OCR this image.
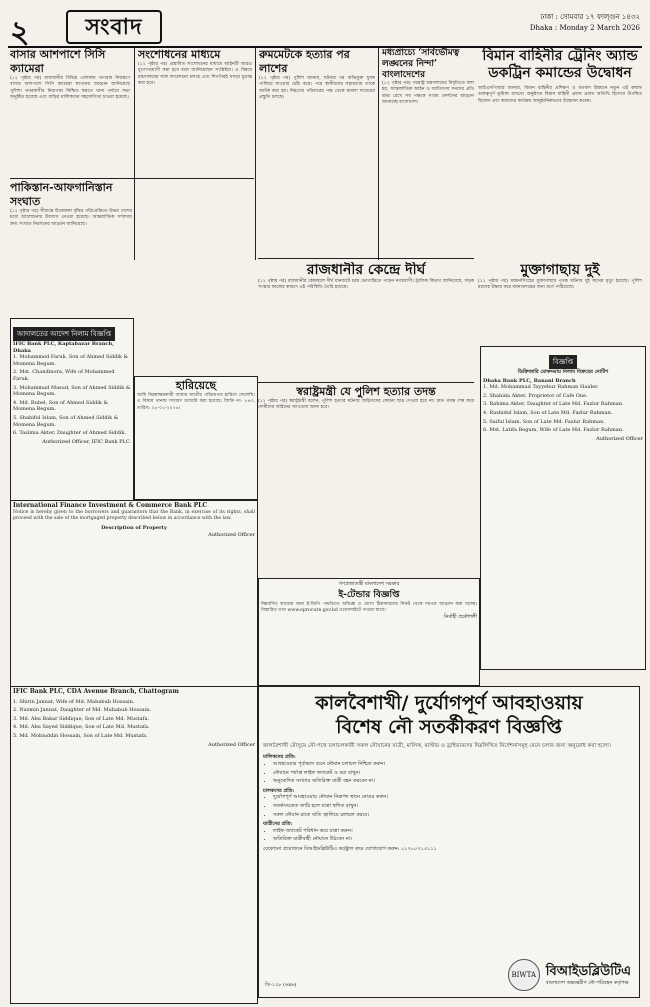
২	সংবাদ	ঢাকা : সোমবার ১৭ ফাল্গুন ১৪৩২
Dhaka : Monday 2 March 2026
বাসার আশপাশে সিসি ক্যামেরা
(১২ পৃষ্ঠার পর) রাজধানীর বিভিন্ন এলাকায় অপরাধ নিয়ন্ত্রণে বাসার আশপাশে সিসি ক্যামেরা স্থাপনের আহ্বান জানিয়েছে পুলিশ। নগরবাসীর নিরাপত্তা নিশ্চিত করতে থানা পর্যায়ে সভা অনুষ্ঠিত হয়েছে এবং বাড়ির মালিকদের সহযোগিতা চাওয়া হয়েছে।
সংশোধনের মাধ্যমে
(১২ পৃষ্ঠার পর) প্রস্তাবিত সংশোধনের মাধ্যমে আইনটি আরও যুগোপযোগী করা হবে বলে জানিয়েছেন সংশ্লিষ্টরা। এ বিষয়ে মন্ত্রণালয়ের সঙ্গে আলোচনা চলছে এবং শিগগিরই খসড়া চূড়ান্ত করা হবে।
রুমমেটকে হত্যার পর লাশের
(১২ পৃষ্ঠার পর) পুলিশ জানায়, ঘটনার পর অভিযুক্ত যুবক পালিয়ে যাওয়ার চেষ্টা করে। পরে স্থানীয়দের সহায়তায় তাকে আটক করা হয়। নিহতের পরিবারের পক্ষ থেকে মামলা দায়েরের প্রস্তুতি চলছে।
মধ্যপ্রাচ্যে ‘সার্বভৌমত্ব লঙ্ঘনের নিন্দা’ বাংলাদেশের
(১২ পৃষ্ঠার পর) পররাষ্ট্র মন্ত্রণালয়ের বিবৃতিতে বলা হয়, আন্তর্জাতিক আইন ও জাতিসংঘ সনদের প্রতি শ্রদ্ধা রেখে সব পক্ষকে সংযম প্রদর্শনের আহ্বান জানাচ্ছে বাংলাদেশ।
বিমান বাহিনীর ট্রেনিং অ্যান্ড ডকট্রিন কমান্ডের উদ্বোধন
আইএসপিআর জানায়, বিমান বাহিনীর প্রশিক্ষণ ও মতবাদ উন্নয়নে নতুন এই কমান্ড গুরুত্বপূর্ণ ভূমিকা রাখবে। অনুষ্ঠানে বিমান বাহিনী প্রধান প্রধান অতিথি হিসেবে উপস্থিত ছিলেন এবং কমান্ডের কার্যক্রম আনুষ্ঠানিকভাবে উদ্বোধন করেন।
পাকিস্তান-আফগানিস্তান সংঘাত
(১২ পৃষ্ঠার পর) সীমান্তে উত্তেজনা বৃদ্ধির পরিপ্রেক্ষিতে উভয় দেশের মধ্যে আলোচনার উদ্যোগ নেওয়া হয়েছে। আন্তর্জাতিক সম্প্রদায় দ্রুত সংঘাত নিরসনের আহ্বান জানিয়েছে।
রাজধানীর কেন্দ্রে দীর্ঘ
(১২ পৃষ্ঠার পর) রাজধানীর কেন্দ্রস্থলে দীর্ঘ যানজটে চরম ভোগান্তিতে পড়েন নগরবাসী। ট্রাফিক বিভাগ জানিয়েছে, সড়ক সংস্কার কাজের কারণে এই পরিস্থিতি তৈরি হয়েছে।
মুক্তাগাছায় দুই
(১২ পৃষ্ঠার পর) ময়মনসিংহের মুক্তাগাছায় পৃথক ঘটনায় দুই জনের মৃত্যু হয়েছে। পুলিশ মরদেহ উদ্ধার করে ময়নাতদন্তের জন্য মর্গে পাঠিয়েছে।
স্বরাষ্ট্রমন্ত্রী যে পুলিশ হত্যার তদন্ত
(১২ পৃষ্ঠার পর) স্বরাষ্ট্রমন্ত্রী বলেন, পুলিশ হত্যার ঘটনায় জড়িতদের কোনো ছাড় দেওয়া হবে না। দ্রুত তদন্ত শেষ করে দোষীদের আইনের আওতায় আনা হবে।
আদালতের আদেশ নিলাম বিজ্ঞপ্তি
IFIC Bank PLC, Kaptabazar Branch, Dhaka
1. Mohammed Faruk, Son of Ahmed Siddik & Momena Begum.
2. Mst. Chandinora, Wife of Mohammed Faruk.
3. Mohammad Masud, Son of Ahmed Siddik & Momena Begum.
4. Md. Rubel, Son of Ahmed Siddik & Momena Begum.
5. Shahiful Islam, Son of Ahmed Siddik & Momena Begum.
6. Taslima Akter, Daughter of Ahmed Siddik.
Authorized Officer, IFIC Bank PLC.
হারিয়েছে
আমি নিম্নস্বাক্ষরকারী আমার জাতীয় পরিচয়পত্র হারিয়ে ফেলেছি। এ বিষয়ে থানায় সাধারণ ডায়েরি করা হয়েছে। জিডি নং- ৮৪৩, তারিখ: ২৮-০২-২০২৬।
বিজ্ঞপ্তি
ডিক্রিজারি মোকদ্দমায় নিলাম বিক্রয়ের নোটিশ
Dhaka Bank PLC, Banani Branch
1. Md. Mohammad Tayyebur Rahman Haider.
2. Shahida Akter, Proprietor of Cafe One.
3. Rahima Akter, Daughter of Late Md. Fazlur Rahman.
4. Rashidul Islam, Son of Late Md. Fazlur Rahman.
5. Saiful Islam, Son of Late Md. Fazlur Rahman.
6. Mst. Latifa Begum, Wife of Late Md. Fazlur Rahman.
Authorized Officer
International Finance Investment & Commerce Bank PLC
Notice is hereby given to the borrowers and guarantors that the Bank, in exercise of its rights, shall proceed with the sale of the mortgaged property described below in accordance with the law.
Description of Property
Authorized Officer
গণপ্রজাতন্ত্রী বাংলাদেশ সরকার
ই-টেন্ডার বিজ্ঞপ্তি
নিম্নবর্ণিত কাজের জন্য ই-জিপি পদ্ধতিতে অভিজ্ঞ ও যোগ্য ঠিকাদারদের নিকট থেকে দরপত্র আহ্বান করা যাচ্ছে। বিস্তারিত তথ্য www.eprocure.gov.bd ওয়েবসাইটে পাওয়া যাবে।
নির্বাহী প্রকৌশলী
IFIC Bank PLC, CDA Avenue Branch, Chattogram
1. Shirin Jannat, Wife of Md. Mahabub Hossain.
2. Nazmin Jannat, Daughter of Md. Mahabub Hossain.
3. Md. Abu Bakar Siddique, Son of Late Md. Mustafa.
4. Md. Abu Sayed Siddique, Son of Late Md. Mustafa.
5. Md. Mohiuddin Hossain, Son of Late Md. Mustafa.
Authorized Officer
কালবৈশাখী/ দুর্যোগপূর্ণ আবহাওয়ায়
বিশেষ নৌ সতর্কীকরণ বিজ্ঞপ্তি
কালবৈশাখী মৌসুমে নৌ-পথে চলাচলকারী সকল নৌযানের যাত্রী, মালিক, মাস্টার ও ড্রাইভারদের নিম্নলিখিত নির্দেশনাসমূহ মেনে চলার জন্য অনুরোধ করা হলো।
মালিকদের প্রতি:
• আবহাওয়ার পূর্বাভাস শুনে নৌযান চলাচল নিশ্চিত করুন।
• নৌযানে পর্যাপ্ত লাইফ জ্যাকেট ও বয়া রাখুন।
• অনুমোদিত সংখ্যার অতিরিক্ত যাত্রী বহন করবেন না।
চালকদের প্রতি:
• দুর্যোগপূর্ণ আবহাওয়ায় নৌযান নিরাপদ স্থানে নোঙর করুন।
• সতর্কসংকেত জারি হলে যাত্রা স্থগিত রাখুন।
• সকল নৌযান রাতে বাতি জ্বালিয়ে চলাচল করবে।
যাত্রীদের প্রতি:
• লাইফ জ্যাকেট পরিধান করে যাত্রা করুন।
• অতিরিক্ত যাত্রীবাহী নৌযানে উঠবেন না।
যেকোনো প্রয়োজনে বিআইডব্লিউটিএ কন্ট্রোল রুমে যোগাযোগ করুন: ০১৭০০৭১৩১১১
ডি-১২৮ (৬x৬)
BIWTA বিআইডব্লিউটিএ
বাংলাদেশ অভ্যন্তরীণ নৌ-পরিবহন কর্তৃপক্ষ
